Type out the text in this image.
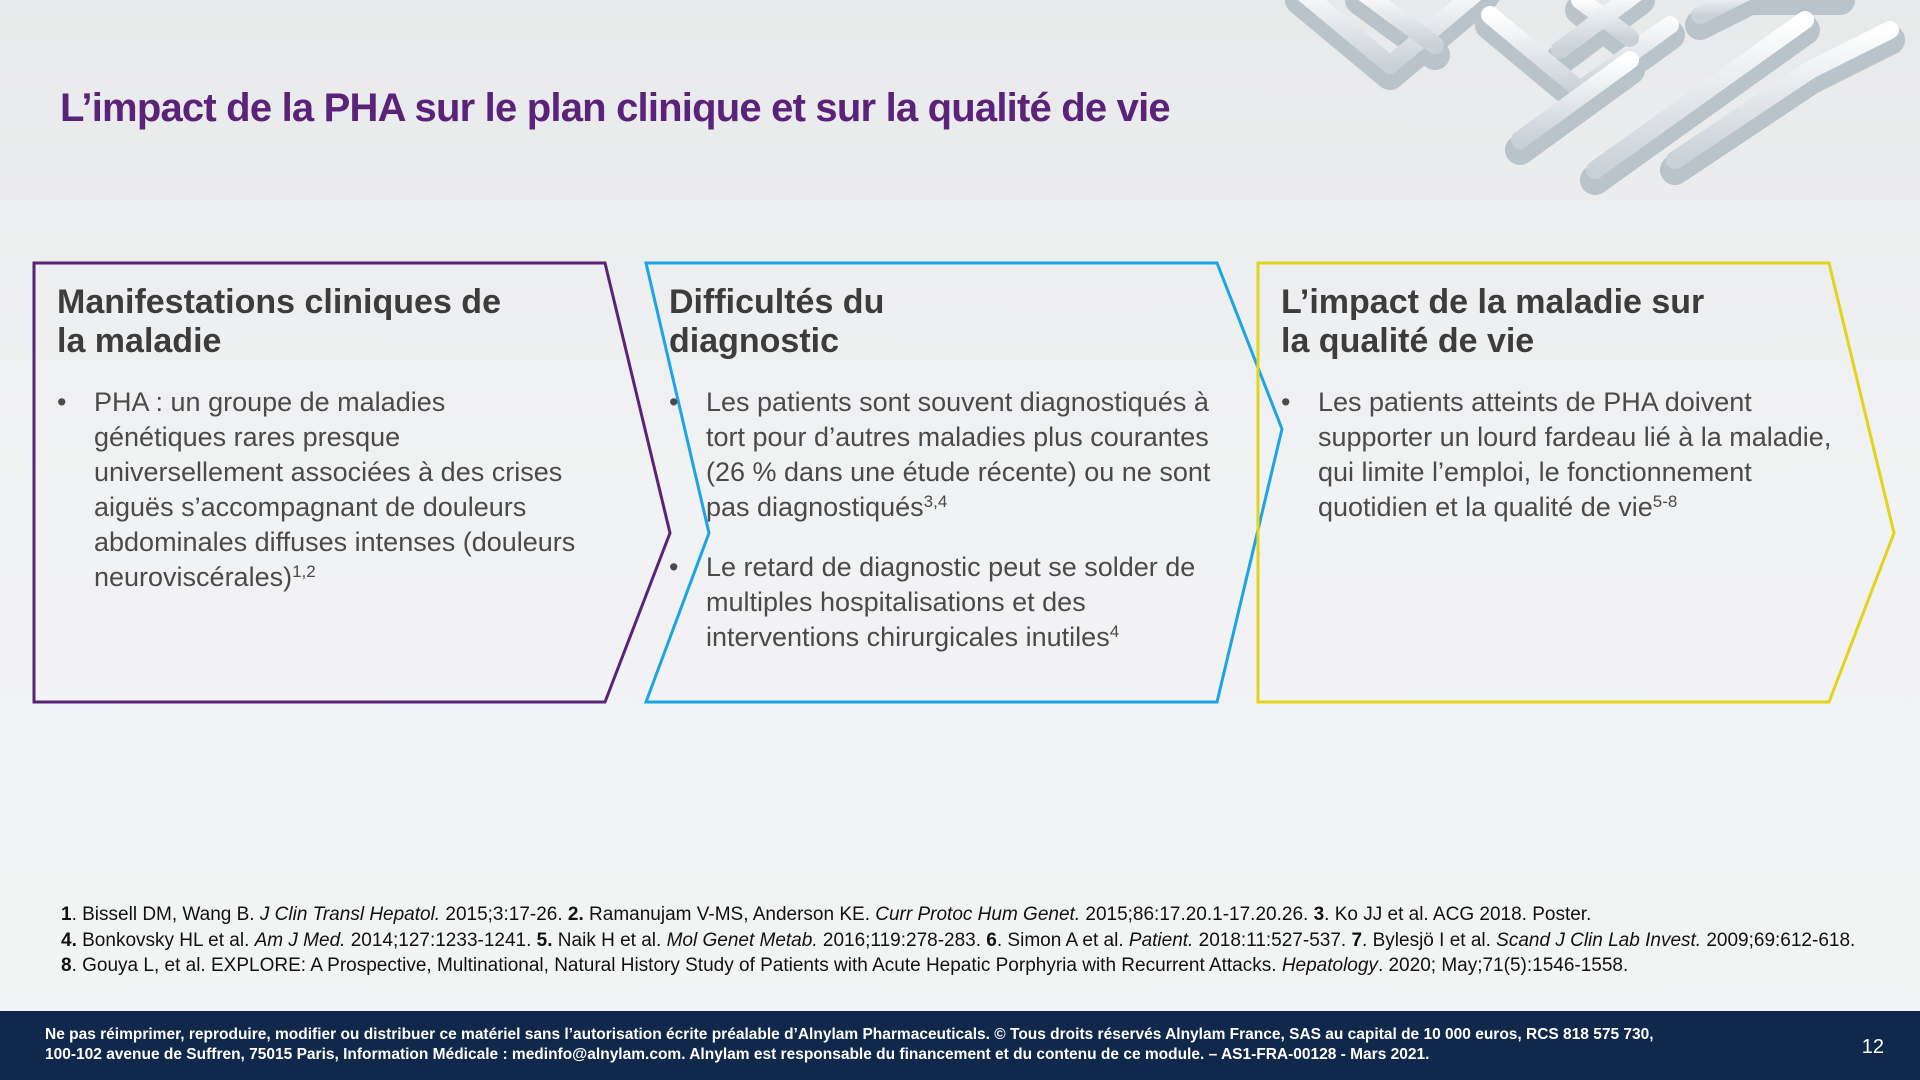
L’impact de la PHA sur le plan clinique et sur la qualité de vie
Manifestations cliniques de
la maladie
• PHA : un groupe de maladies génétiques rares presque universellement associées à des crises aiguës s’accompagnant de douleurs abdominales diffuses intenses (douleurs neuroviscérales)$^{1,2}$
Difficultés du
diagnostic
• Les patients sont souvent diagnostiqués à tort pour d’autres maladies plus courantes (26 % dans une étude récente) ou ne sont pas diagnostiqués$^{3,4}$
• Le retard de diagnostic peut se solder de multiples hospitalisations et des interventions chirurgicales inutiles$^4$
L’impact de la maladie sur
la qualité de vie
• Les patients atteints de PHA doivent supporter un lourd fardeau lié à la maladie, qui limite l’emploi, le fonctionnement quotidien et la qualité de vie$^{5-8}$
1. Bissell DM, Wang B. J Clin Transl Hepatol. 2015;3:17-26. 2. Ramanujam V-MS, Anderson KE. Curr Protoc Hum Genet. 2015;86:17.20.1-17.20.26. 3. Ko JJ et al. ACG 2018. Poster.
4. Bonkovsky HL et al. Am J Med. 2014;127:1233-1241. 5. Naik H et al. Mol Genet Metab. 2016;119:278-283. 6. Simon A et al. Patient. 2018:11:527-537. 7. Bylesjö I et al. Scand J Clin Lab Invest. 2009;69:612-618. 8. Gouya L, et al. EXPLORE: A Prospective, Multinational, Natural History Study of Patients with Acute Hepatic Porphyria with Recurrent Attacks. Hepatology. 2020; May;71(5):1546-1558.
Ne pas réimprimer, reproduire, modifier ou distribuer ce matériel sans l’autorisation écrite préalable d’Alnylam Pharmaceuticals. © Tous droits réservés Alnylam France, SAS au capital de 10 000 euros, RCS 818 575 730,
100-102 avenue de Suffren, 75015 Paris, Information Médicale : medinfo@alnylam.com. Alnylam est responsable du financement et du contenu de ce module. – AS1-FRA-00128 - Mars 2021.	12
